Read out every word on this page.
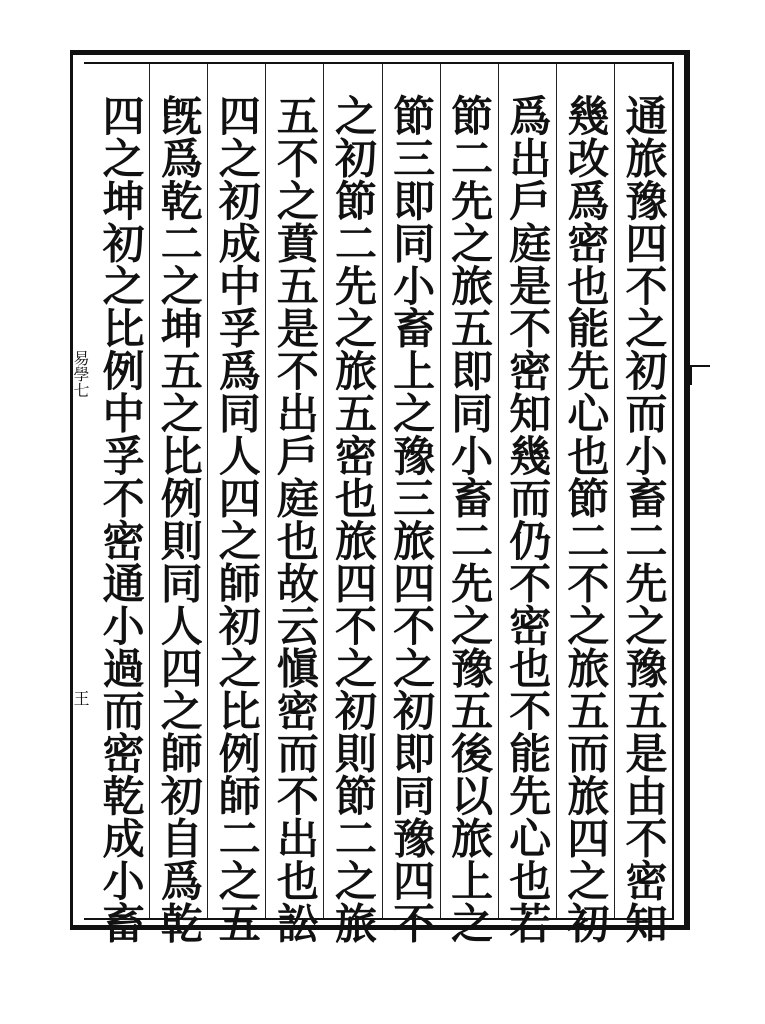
易學七
王	通旅豫四不之初而小畜二先之豫五是由不密知
幾改爲密也能先心也節二不之旅五而旅四之初
爲出戶庭是不密知幾而仍不密也不能先心也若
節二先之旅五即同小畜二先之豫五後以旅上之
節三即同小畜上之豫三旅四不之初即同豫四不
之初節二先之旅五密也旅四不之初則節二之旅
五不之賁五是不出戶庭也故云愼密而不出也訟
四之初成中孚爲同人四之師初之比例師二之五
旣爲乾二之坤五之比例則同人四之師初自爲乾
四之坤初之比例中孚不密通小過而密乾成小畜
